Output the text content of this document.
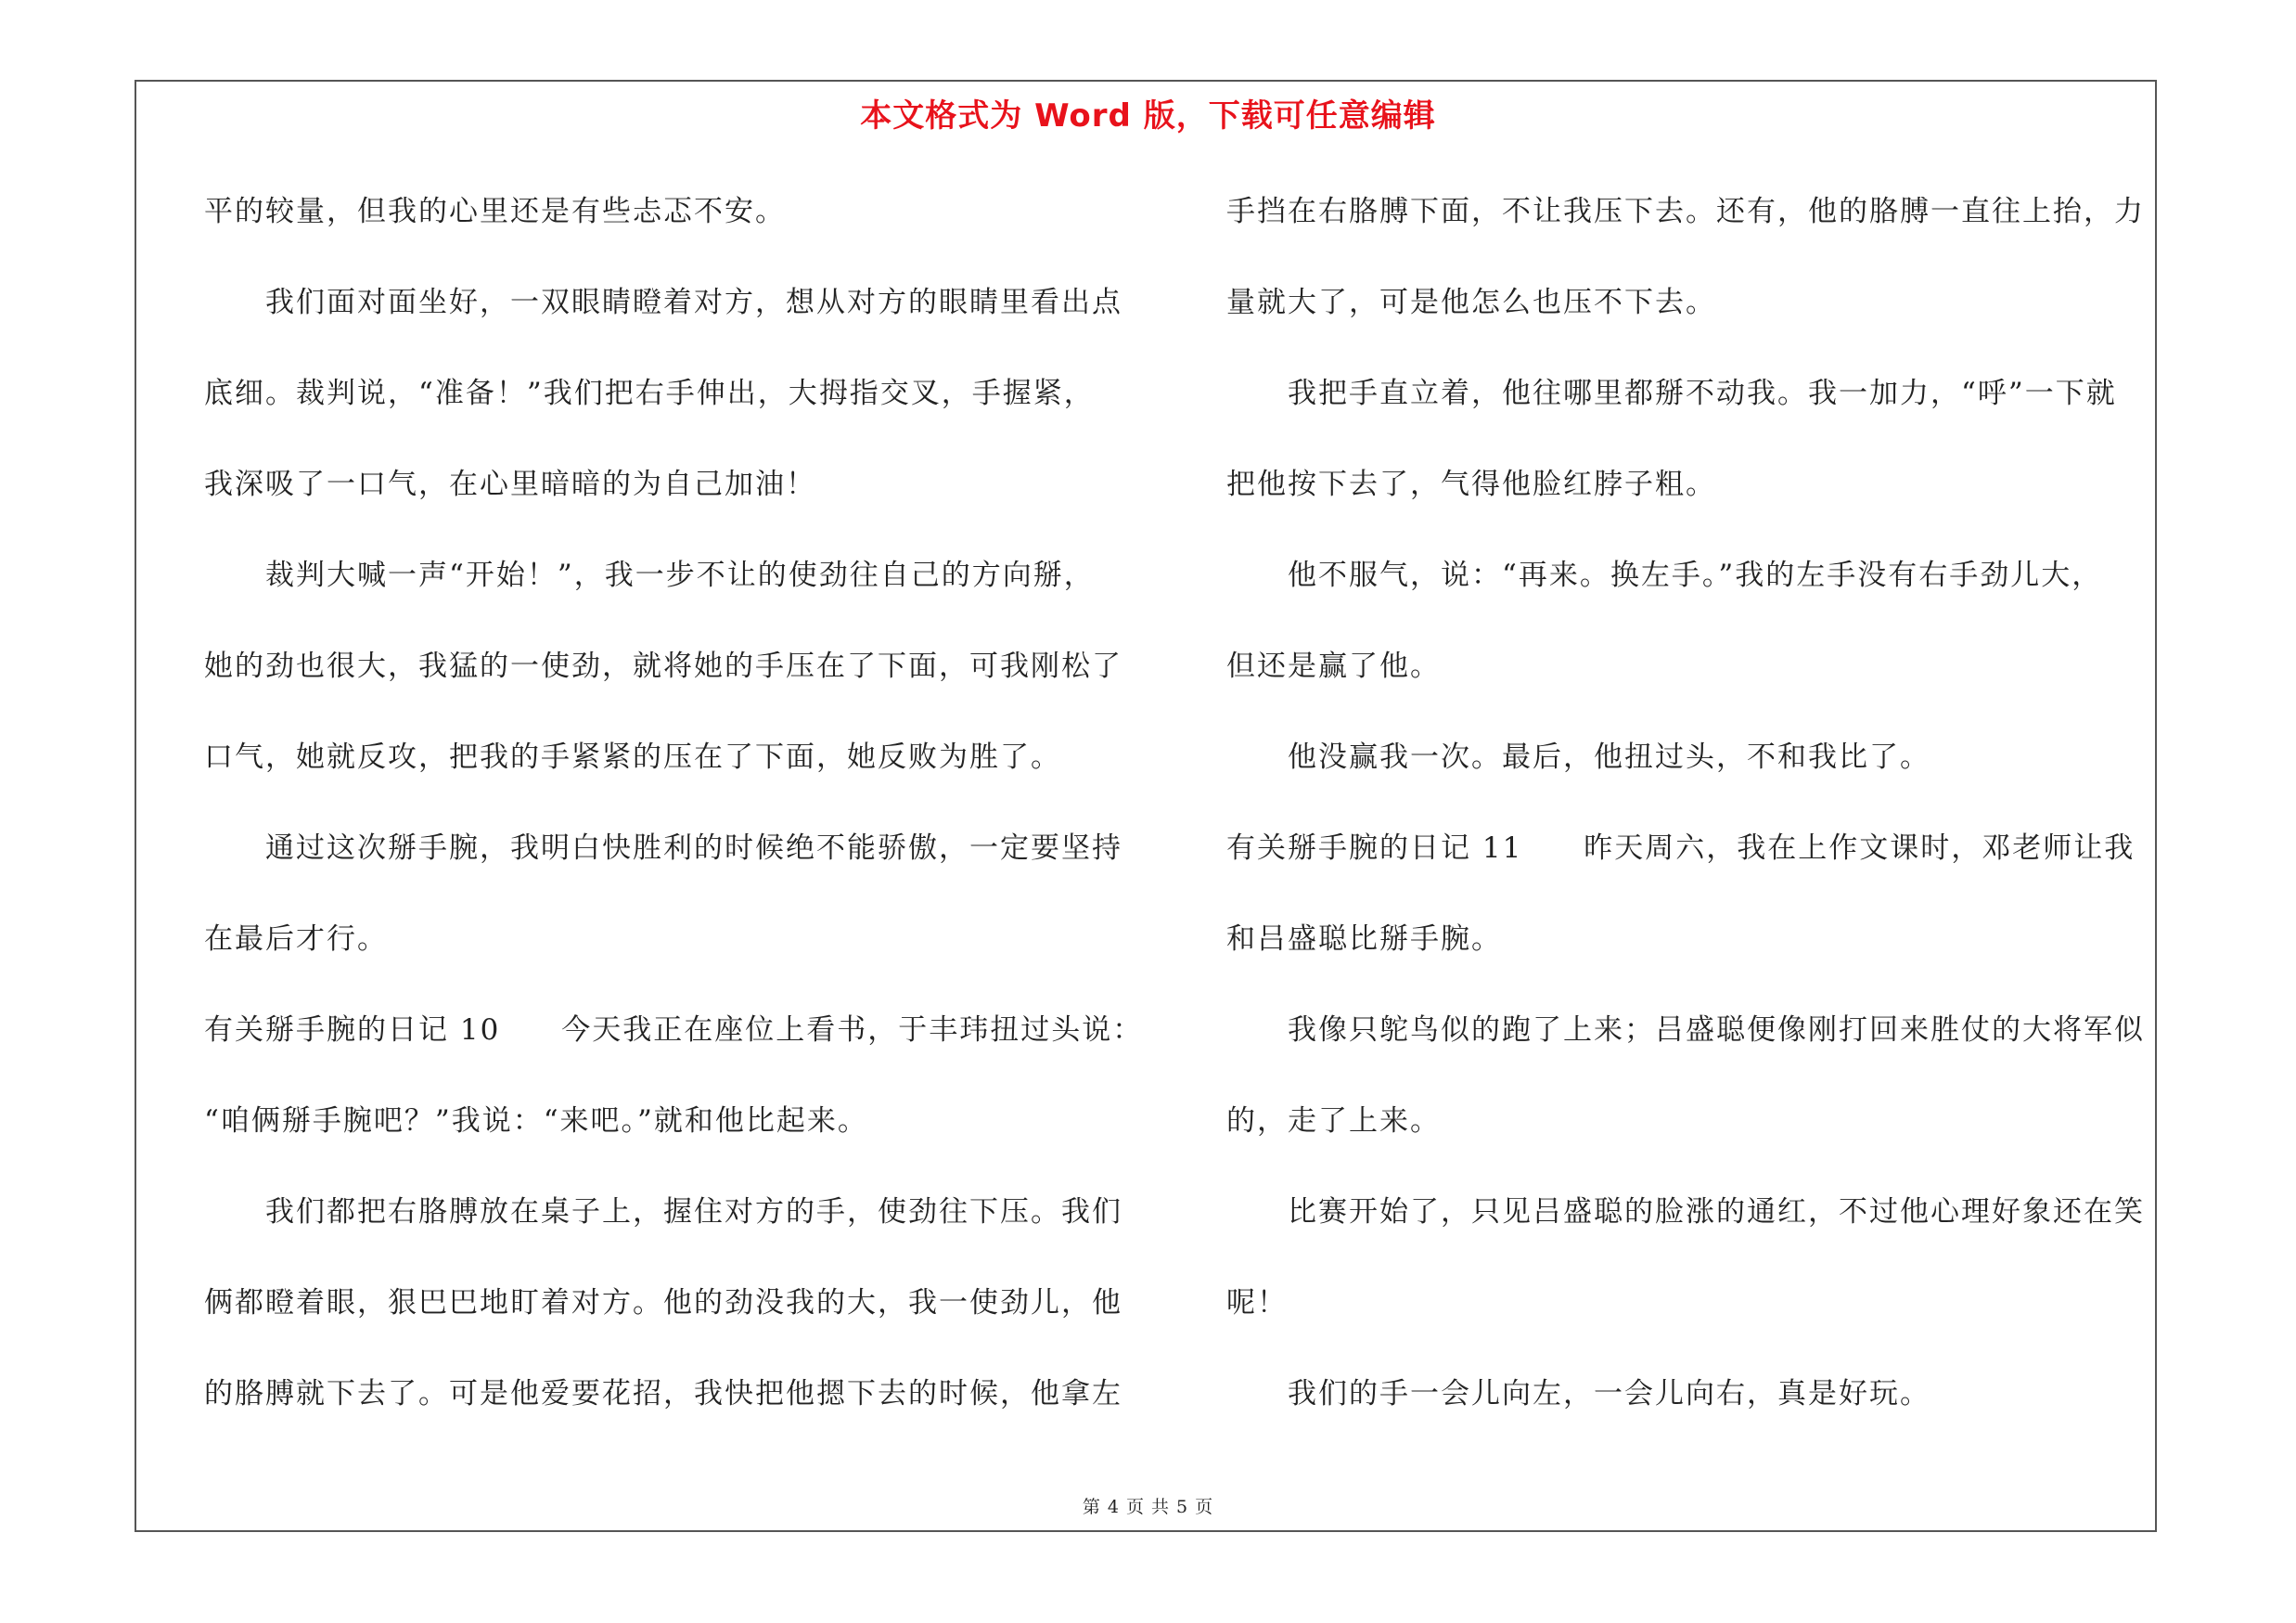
本文格式为 Word 版，下载可任意编辑
平的较量，但我的心里还是有些忐忑不安。
我们面对面坐好，一双眼睛瞪着对方，想从对方的眼睛里看出点
底细。裁判说，“准备！”我们把右手伸出，大拇指交叉，手握紧，
我深吸了一口气，在心里暗暗的为自己加油！
裁判大喊一声“开始！”，我一步不让的使劲往自己的方向掰，
她的劲也很大，我猛的一使劲，就将她的手压在了下面，可我刚松了
口气，她就反攻，把我的手紧紧的压在了下面，她反败为胜了。
通过这次掰手腕，我明白快胜利的时候绝不能骄傲，一定要坚持
在最后才行。
有关掰手腕的日记 10　　今天我正在座位上看书，于丰玮扭过头说：
“咱俩掰手腕吧？”我说：“来吧。”就和他比起来。
我们都把右胳膊放在桌子上，握住对方的手，使劲往下压。我们
俩都瞪着眼，狠巴巴地盯着对方。他的劲没我的大，我一使劲儿，他
的胳膊就下去了。可是他爱要花招，我快把他摁下去的时候，他拿左
手挡在右胳膊下面，不让我压下去。还有，他的胳膊一直往上抬，力
量就大了，可是他怎么也压不下去。
我把手直立着，他往哪里都掰不动我。我一加力，“呼”一下就
把他按下去了，气得他脸红脖子粗。
他不服气，说：“再来。换左手。”我的左手没有右手劲儿大，
但还是赢了他。
他没赢我一次。最后，他扭过头，不和我比了。
有关掰手腕的日记 11　　昨天周六，我在上作文课时，邓老师让我
和吕盛聪比掰手腕。
我像只鸵鸟似的跑了上来；吕盛聪便像刚打回来胜仗的大将军似
的，走了上来。
比赛开始了，只见吕盛聪的脸涨的通红，不过他心理好象还在笑
呢！
我们的手一会儿向左，一会儿向右，真是好玩。
第 4 页 共 5 页
